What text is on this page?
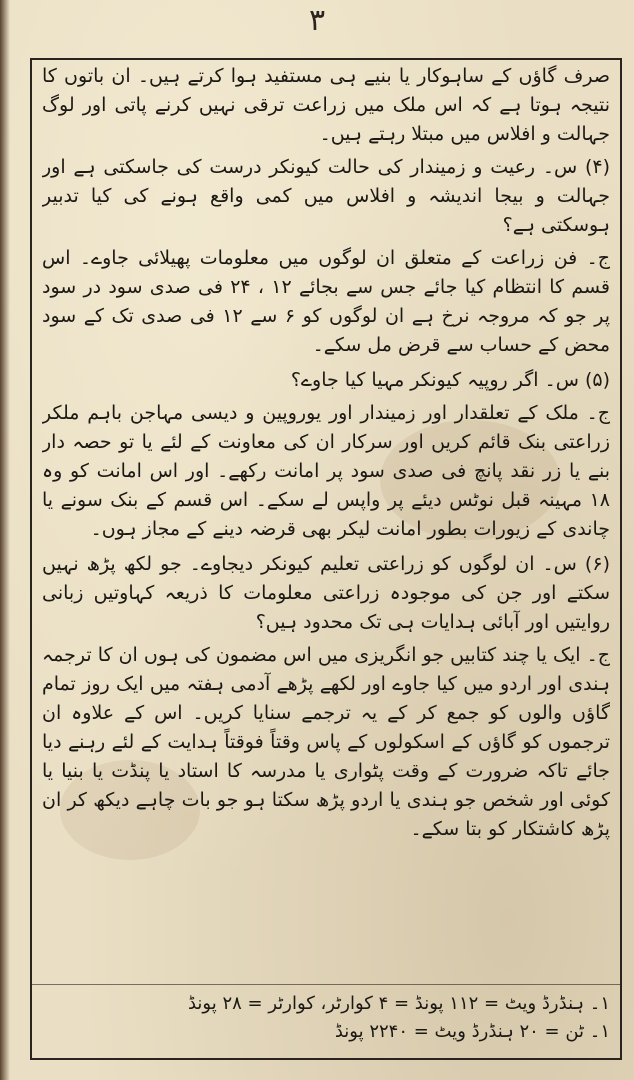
۳

صرف گاؤں کے ساہوکار یا بنیے ہی مستفید ہوا کرتے ہیں۔ ان باتوں کا نتیجہ ہوتا ہے کہ اس ملک میں زراعت ترقی نہیں کرنے پاتی اور لوگ جہالت و افلاس میں مبتلا رہتے ہیں۔

(۴) س۔ رعیت و زمیندار کی حالت کیونکر درست کی جاسکتی ہے اور جہالت و بیجا اندیشہ و افلاس میں کمی واقع ہونے کی کیا تدبیر ہوسکتی ہے؟

ج۔ فن زراعت کے متعلق ان لوگوں میں معلومات پھیلائی جاوے۔ اس قسم کا انتظام کیا جائے جس سے بجائے ۱۲ ، ۲۴ فی صدی سود در سود پر جو کہ مروجہ نرخ ہے ان لوگوں کو ۶ سے ۱۲ فی صدی تک کے سود محض کے حساب سے قرض مل سکے۔

(۵) س۔ اگر روپیہ کیونکر مہیا کیا جاوے؟

ج۔ ملک کے تعلقدار اور زمیندار اور یوروپین و دیسی مہاجن باہم ملکر زراعتی بنک قائم کریں اور سرکار ان کی معاونت کے لئے یا تو حصہ دار بنے یا زر نقد پانچ فی صدی سود پر امانت رکھے۔ اور اس امانت کو وہ ۱۸ مہینہ قبل نوٹس دیئے پر واپس لے سکے۔ اس قسم کے بنک سونے یا چاندی کے زیورات بطور امانت لیکر بھی قرضہ دینے کے مجاز ہوں۔

(۶) س۔ ان لوگوں کو زراعتی تعلیم کیونکر دیجاوے۔ جو لکھ پڑھ نہیں سکتے اور جن کی موجودہ زراعتی معلومات کا ذریعہ کہاوتیں زبانی روایتیں اور آبائی ہدایات ہی تک محدود ہیں؟

ج۔ ایک یا چند کتابیں جو انگریزی میں اس مضمون کی ہوں ان کا ترجمہ ہندی اور اردو میں کیا جاوے اور لکھے پڑھے آدمی ہفتہ میں ایک روز تمام گاؤں والوں کو جمع کر کے یہ ترجمے سنایا کریں۔ اس کے علاوہ ان ترجموں کو گاؤں کے اسکولوں کے پاس وقتاً فوقتاً ہدایت کے لئے رہنے دیا جائے تاکہ ضرورت کے وقت پٹواری یا مدرسہ کا استاد یا پنڈت یا بنیا یا کوئی اور شخص جو ہندی یا اردو پڑھ سکتا ہو جو بات چاہے دیکھ کر ان پڑھ کاشتکار کو بتا سکے۔

۱۔ ہنڈرڈ ویٹ = ۱۱۲ پونڈ = ۴ کوارٹر، کوارٹر = ۲۸ پونڈ
۱۔ ٹن = ۲۰ ہنڈرڈ ویٹ = ۲۲۴۰ پونڈ
